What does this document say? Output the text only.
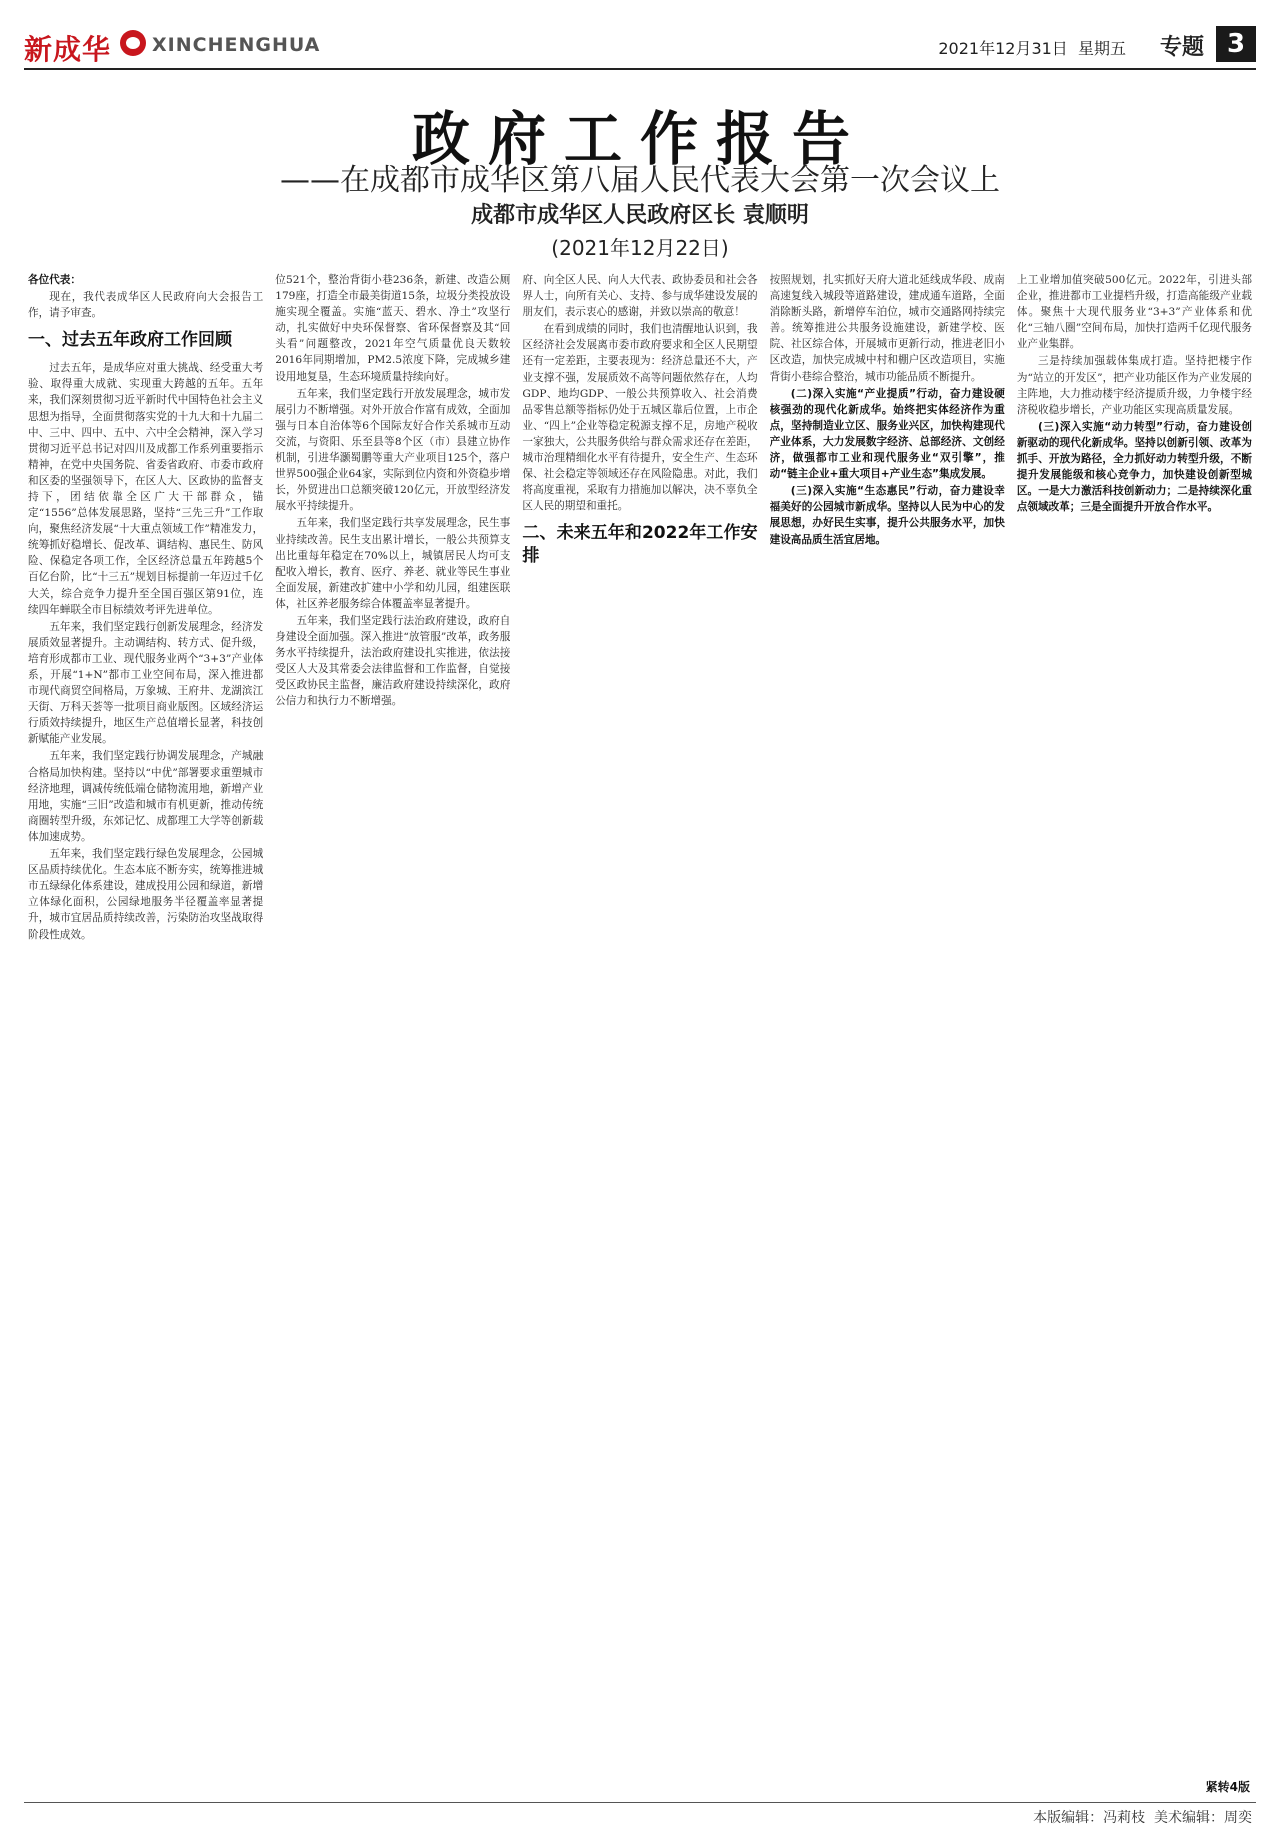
新成华 XINCHENGHUA	2021年12月31日 星期五 专题 3
政府工作报告
——在成都市成华区第八届人民代表大会第一次会议上
成都市成华区人民政府区长 袁顺明
(2021年12月22日)

各位代表：

现在，我代表成华区人民政府向大会报告工作，请予审查。

一、过去五年政府工作回顾

过去五年，是成华应对重大挑战、经受重大考验、取得重大成就、实现重大跨越的五年。五年来，我们深刻贯彻习近平新时代中国特色社会主义思想为指导，全面贯彻落实党的十九大和十九届二中、三中、四中、五中、六中全会精神，深入学习贯彻习近平总书记对四川及成都工作系列重要指示精神，在党中央国务院、省委省政府、市委市政府和区委的坚强领导下，在区人大、区政协的监督支持下，团结依靠全区广大干部群众，锚定“1556”总体发展思路，坚持“三先三升”工作取向，聚焦经济发展“十大重点领域工作”精准发力，统筹抓好稳增长、促改革、调结构、惠民生、防风险、保稳定各项工作，全区经济总量五年跨越5个百亿台阶，比“十三五”规划目标提前一年迈过千亿大关，综合竞争力提升至全国百强区第91位，连续四年蝉联全市目标绩效考评先进单位。

五年来，我们坚定践行创新发展理念，经济发展质效显著提升。主动调结构、转方式、促升级，培育形成都市工业、现代服务业两个“3+3”产业体系，开展“1+N”都市工业空间布局，深入推进都市现代商贸空间格局，万象城、王府井、龙湖滨江天街、万科天荟等一批项目商业版图。区域经济运行质效持续提升，地区生产总值增长显著，科技创新赋能产业发展。

五年来，我们坚定践行协调发展理念，产城融合格局加快构建。坚持以“中优”部署要求重塑城市经济地理，调减传统低端仓储物流用地，新增产业用地，实施“三旧”改造和城市有机更新，推动传统商圈转型升级，东郊记忆、成都理工大学等创新载体加速成势。

五年来，我们坚定践行绿色发展理念，公园城区品质持续优化。生态本底不断夯实，统筹推进城市五绿绿化体系建设，建成投用公园和绿道，新增立体绿化面积，公园绿地服务半径覆盖率显著提升，城市宜居品质持续改善，污染防治攻坚战取得阶段性成效。

位521个，整治背街小巷236条，新建、改造公厕179座，打造全市最美街道15条，垃圾分类投放设施实现全覆盖。实施“蓝天、碧水、净土”攻坚行动，扎实做好中央环保督察、省环保督察及其“回头看”问题整改，2021年空气质量优良天数较2016年同期增加，PM2.5浓度下降，完成城乡建设用地复垦，生态环境质量持续向好。

五年来，我们坚定践行开放发展理念，城市发展引力不断增强。对外开放合作富有成效，全面加强与日本自治体等6个国际友好合作关系城市互动交流，与资阳、乐至县等8个区（市）县建立协作机制，引进华灏蜀鹏等重大产业项目125个，落户世界500强企业64家，实际到位内资和外资稳步增长，外贸进出口总额突破120亿元，开放型经济发展水平持续提升。

五年来，我们坚定践行共享发展理念，民生事业持续改善。民生支出累计增长，一般公共预算支出比重每年稳定在70%以上，城镇居民人均可支配收入增长，教育、医疗、养老、就业等民生事业全面发展，新建改扩建中小学和幼儿园，组建医联体，社区养老服务综合体覆盖率显著提升。

五年来，我们坚定践行法治政府建设，政府自身建设全面加强。深入推进“放管服”改革，政务服务水平持续提升，法治政府建设扎实推进，依法接受区人大及其常委会法律监督和工作监督，自觉接受区政协民主监督，廉洁政府建设持续深化，政府公信力和执行力不断增强。

府、向全区人民、向人大代表、政协委员和社会各界人士，向所有关心、支持、参与成华建设发展的朋友们，表示衷心的感谢，并致以崇高的敬意！

在看到成绩的同时，我们也清醒地认识到，我区经济社会发展离市委市政府要求和全区人民期望还有一定差距，主要表现为：经济总量还不大，产业支撑不强，发展质效不高等问题依然存在，人均GDP、地均GDP、一般公共预算收入、社会消费品零售总额等指标仍处于五城区靠后位置，上市企业、“四上”企业等稳定税源支撑不足，房地产税收一家独大，公共服务供给与群众需求还存在差距，城市治理精细化水平有待提升，安全生产、生态环保、社会稳定等领域还存在风险隐患。对此，我们将高度重视，采取有力措施加以解决，决不辜负全区人民的期望和重托。

二、未来五年和2022年工作安排

按照规划，扎实抓好天府大道北延线成华段、成南高速复线入城段等道路建设，建成通车道路，全面消除断头路，新增停车泊位，城市交通路网持续完善。统筹推进公共服务设施建设，新建学校、医院、社区综合体，开展城市更新行动，推进老旧小区改造，加快完成城中村和棚户区改造项目，实施背街小巷综合整治，城市功能品质不断提升。

(二)深入实施“产业提质”行动，奋力建设硬核强劲的现代化新成华。始终把实体经济作为重点，坚持制造业立区、服务业兴区，加快构建现代产业体系，大力发展数字经济、总部经济、文创经济，做强都市工业和现代服务业“双引擎”，推动“链主企业+重大项目+产业生态”集成发展。

(三)深入实施“生态惠民”行动，奋力建设幸福美好的公园城市新成华。坚持以人民为中心的发展思想，办好民生实事，提升公共服务水平，加快建设高品质生活宜居地。

上工业增加值突破500亿元。2022年，引进头部企业，推进都市工业提档升级，打造高能级产业载体。聚焦十大现代服务业“3+3”产业体系和优化“三轴八圈”空间布局，加快打造两千亿现代服务业产业集群。

三是持续加强载体集成打造。坚持把楼宇作为“站立的开发区”，把产业功能区作为产业发展的主阵地，大力推动楼宇经济提质升级，力争楼宇经济税收稳步增长，产业功能区实现高质量发展。

(三)深入实施“动力转型”行动，奋力建设创新驱动的现代化新成华。坚持以创新引领、改革为抓手、开放为路径，全力抓好动力转型升级，不断提升发展能级和核心竞争力，加快建设创新型城区。一是大力激活科技创新动力；二是持续深化重点领域改革；三是全面提升开放合作水平。

紧转4版
本版编辑：冯莉枝 美术编辑：周奕
